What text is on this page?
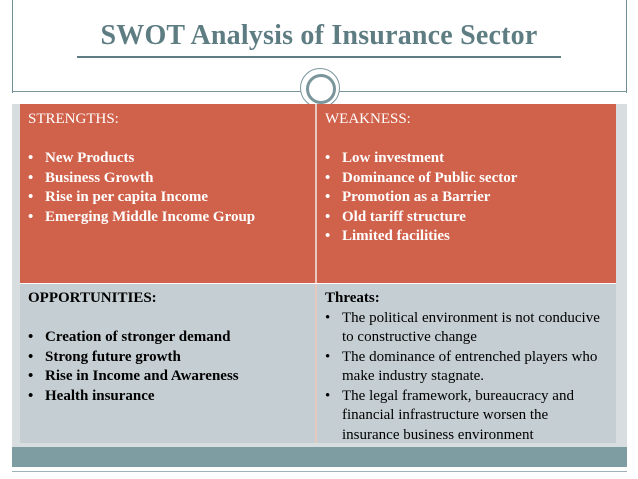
SWOT Analysis of Insurance Sector
STRENGTHS:
• New Products
• Business Growth
• Rise in per capita Income
• Emerging Middle Income Group
WEAKNESS:
• Low investment
• Dominance of Public sector
• Promotion as a Barrier
• Old tariff structure
• Limited facilities
OPPORTUNITIES:
• Creation of stronger demand
• Strong future growth
• Rise in Income and Awareness
• Health insurance
Threats:
• The political environment is not conducive to constructive change
• The dominance of entrenched players who make industry stagnate.
• The legal framework, bureaucracy and financial infrastructure worsen the insurance business environment
